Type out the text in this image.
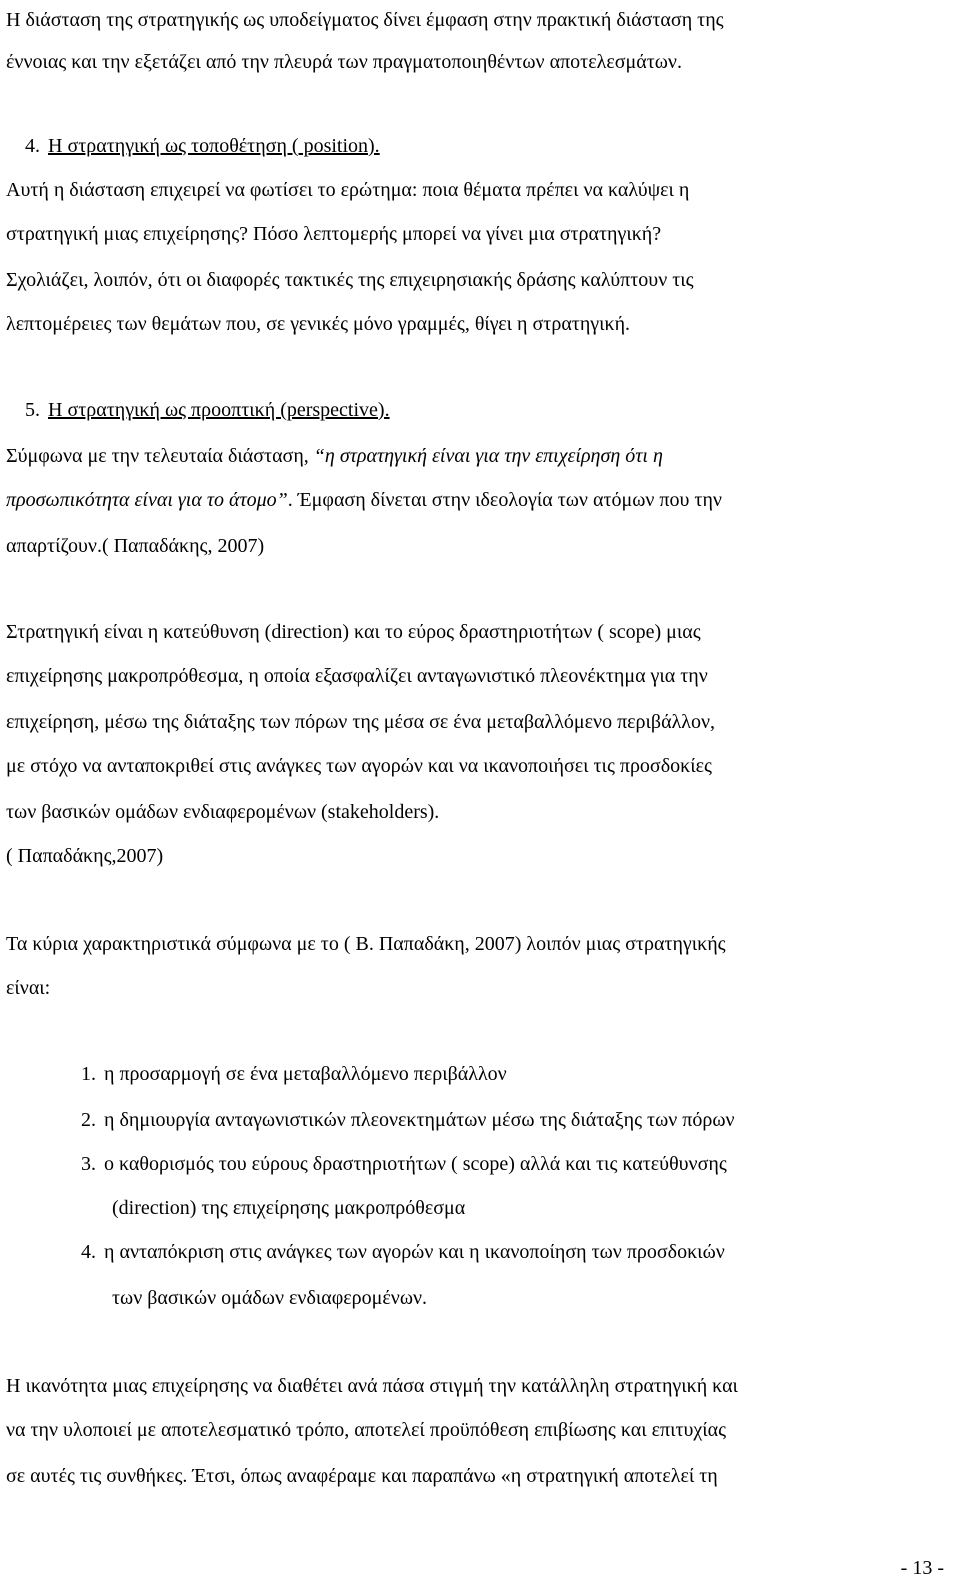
Η διάσταση της στρατηγικής ως υποδείγματος δίνει έμφαση στην πρακτική διάσταση της
έννοιας και την εξετάζει από την πλευρά των πραγματοποιηθέντων αποτελεσμάτων.
4. Η στρατηγική ως τοποθέτηση ( position).
Αυτή η διάσταση επιχειρεί να φωτίσει το ερώτημα: ποια θέματα πρέπει να καλύψει η
στρατηγική μιας επιχείρησης? Πόσο λεπτομερής μπορεί να γίνει μια στρατηγική?
Σχολιάζει, λοιπόν, ότι οι διαφορές τακτικές της επιχειρησιακής δράσης καλύπτουν τις
λεπτομέρειες των θεμάτων που, σε γενικές μόνο γραμμές, θίγει η στρατηγική.
5. Η στρατηγική ως προοπτική (perspective).
Σύμφωνα με την τελευταία διάσταση, “η στρατηγική είναι για την επιχείρηση ότι η
προσωπικότητα είναι για το άτομο”. Έμφαση δίνεται στην ιδεολογία των ατόμων που την
απαρτίζουν.( Παπαδάκης, 2007)
Στρατηγική είναι η κατεύθυνση (direction) και το εύρος δραστηριοτήτων ( scope) μιας
επιχείρησης μακροπρόθεσμα, η οποία εξασφαλίζει ανταγωνιστικό πλεονέκτημα για την
επιχείρηση, μέσω της διάταξης των πόρων της μέσα σε ένα μεταβαλλόμενο περιβάλλον,
με στόχο να ανταποκριθεί στις ανάγκες των αγορών και να ικανοποιήσει τις προσδοκίες
των βασικών ομάδων ενδιαφερομένων (stakeholders).
( Παπαδάκης,2007)
Τα κύρια χαρακτηριστικά σύμφωνα με το ( Β. Παπαδάκη, 2007) λοιπόν μιας στρατηγικής
είναι:
1. η προσαρμογή σε ένα μεταβαλλόμενο περιβάλλον
2. η δημιουργία ανταγωνιστικών πλεονεκτημάτων μέσω της διάταξης των πόρων
3. ο καθορισμός του εύρους δραστηριοτήτων ( scope) αλλά και τις κατεύθυνσης
(direction) της επιχείρησης μακροπρόθεσμα
4. η ανταπόκριση στις ανάγκες των αγορών και η ικανοποίηση των προσδοκιών
των βασικών ομάδων ενδιαφερομένων.
Η ικανότητα μιας επιχείρησης να διαθέτει ανά πάσα στιγμή την κατάλληλη στρατηγική και
να την υλοποιεί με αποτελεσματικό τρόπο, αποτελεί προϋπόθεση επιβίωσης και επιτυχίας
σε αυτές τις συνθήκες. Έτσι, όπως αναφέραμε και παραπάνω «η στρατηγική αποτελεί τη
- 13 -
